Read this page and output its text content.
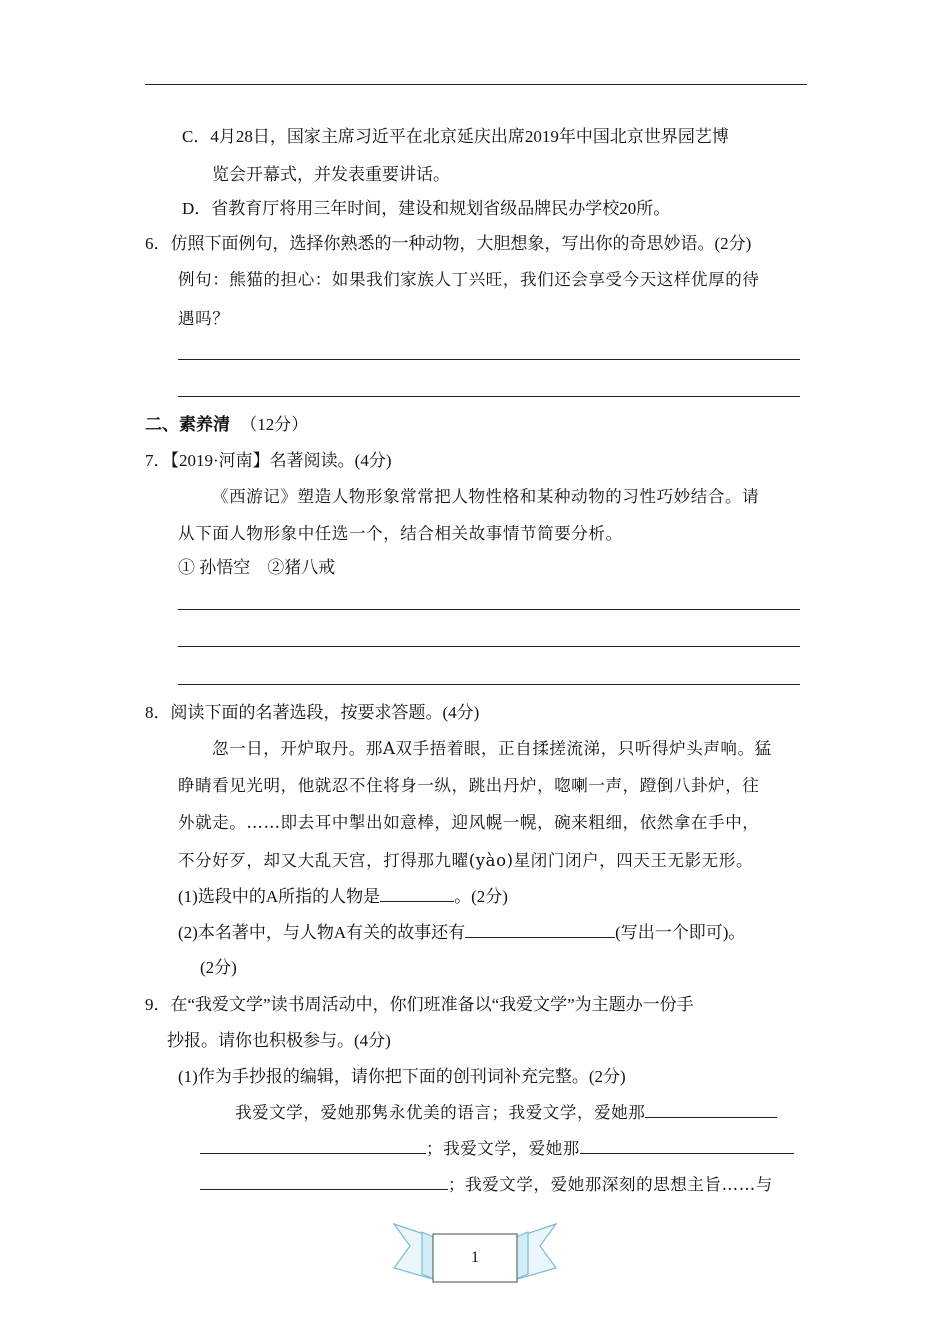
C．4月28日，国家主席习近平在北京延庆出席2019年中国北京世界园艺博
览会开幕式，并发表重要讲话。
D．省教育厅将用三年时间，建设和规划省级品牌民办学校20所。
6．仿照下面例句，选择你熟悉的一种动物，大胆想象，写出你的奇思妙语。(2分)
例句：熊猫的担心：如果我们家族人丁兴旺，我们还会享受今天这样优厚的待
遇吗？
二、素养清 （12分）
7．【2019·河南】名著阅读。(4分)
《西游记》塑造人物形象常常把人物性格和某种动物的习性巧妙结合。请
从下面人物形象中任选一个，结合相关故事情节简要分析。
① 孙悟空　②猪八戒
8．阅读下面的名著选段，按要求答题。(4分)
忽一日，开炉取丹。那A双手捂着眼，正自揉搓流涕，只听得炉头声响。猛
睁睛看见光明，他就忍不住将身一纵，跳出丹炉，唿喇一声，蹬倒八卦炉，往
外就走。……即去耳中掣出如意棒，迎风幌一幌，碗来粗细，依然拿在手中，
不分好歹，却又大乱天宫，打得那九曜(yào)星闭门闭户，四天王无影无形。
(1)选段中的A所指的人物是	。(2分)
(2)本名著中，与人物A有关的故事还有	(写出一个即可)。
(2分)
9．在“我爱文学”读书周活动中，你们班准备以“我爱文学”为主题办一份手
抄报。请你也积极参与。(4分)
(1)作为手抄报的编辑，请你把下面的创刊词补充完整。(2分)
我爱文学，爱她那隽永优美的语言；我爱文学，爱她那
；我爱文学，爱她那
；我爱文学，爱她那深刻的思想主旨……与
1
